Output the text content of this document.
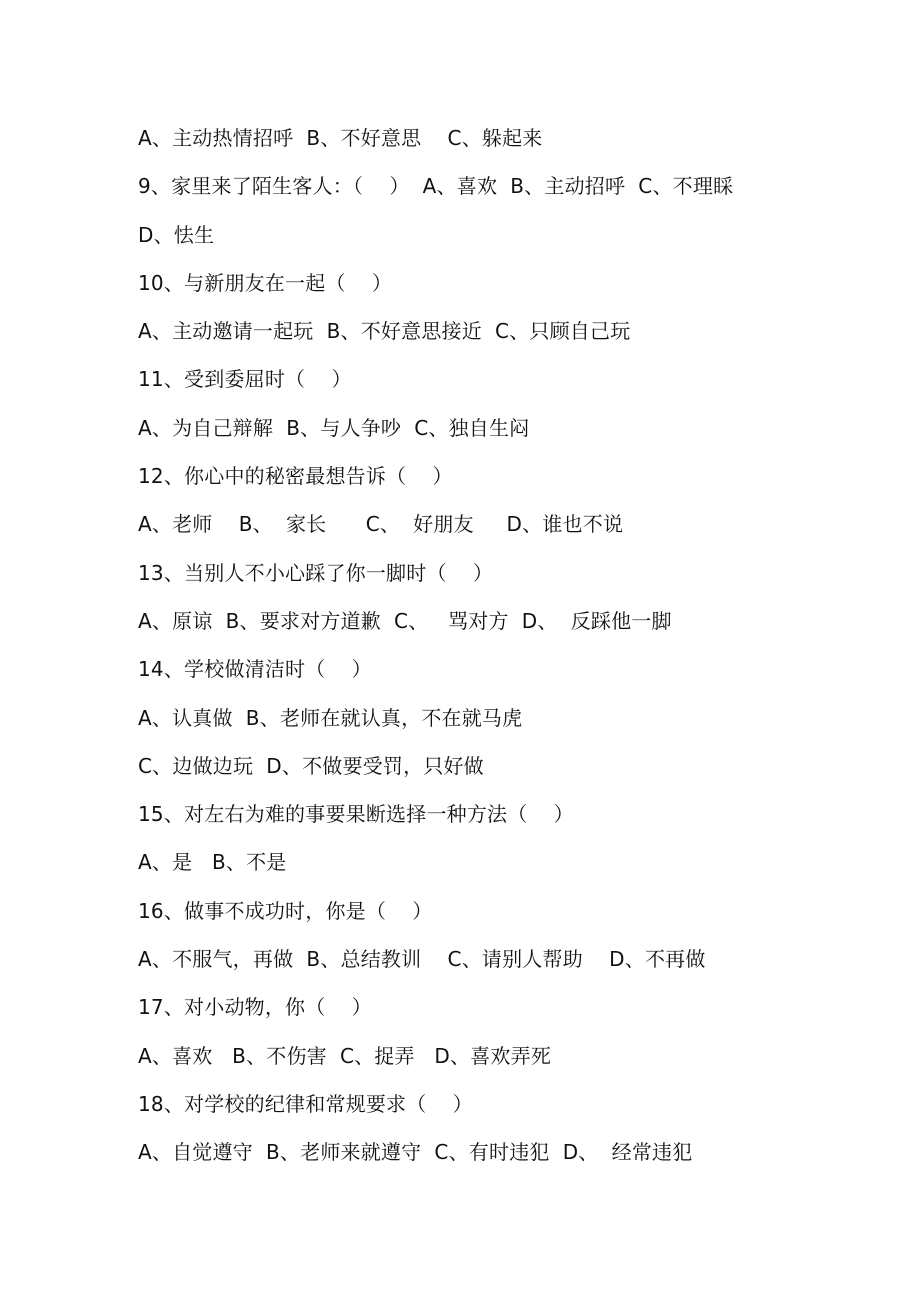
A、主动热情招呼  B、不好意思    C、躲起来
9、家里来了陌生客人：（    ）  A、喜欢  B、主动招呼  C、不理睬
D、怯生
10、与新朋友在一起（    ）
A、主动邀请一起玩  B、不好意思接近  C、只顾自己玩
11、受到委屈时（    ）
A、为自己辩解  B、与人争吵  C、独自生闷
12、你心中的秘密最想告诉（    ）
A、老师    B、  家长      C、  好朋友     D、谁也不说
13、当别人不小心踩了你一脚时（    ）
A、原谅  B、要求对方道歉  C、   骂对方  D、  反踩他一脚
14、学校做清洁时（    ）
A、认真做  B、老师在就认真，不在就马虎
C、边做边玩  D、不做要受罚，只好做
15、对左右为难的事要果断选择一种方法（    ）
A、是   B、不是
16、做事不成功时，你是（    ）
A、不服气，再做  B、总结教训    C、请别人帮助    D、不再做
17、对小动物，你（    ）
A、喜欢   B、不伤害  C、捉弄   D、喜欢弄死
18、对学校的纪律和常规要求（    ）
A、自觉遵守  B、老师来就遵守  C、有时违犯  D、  经常违犯
